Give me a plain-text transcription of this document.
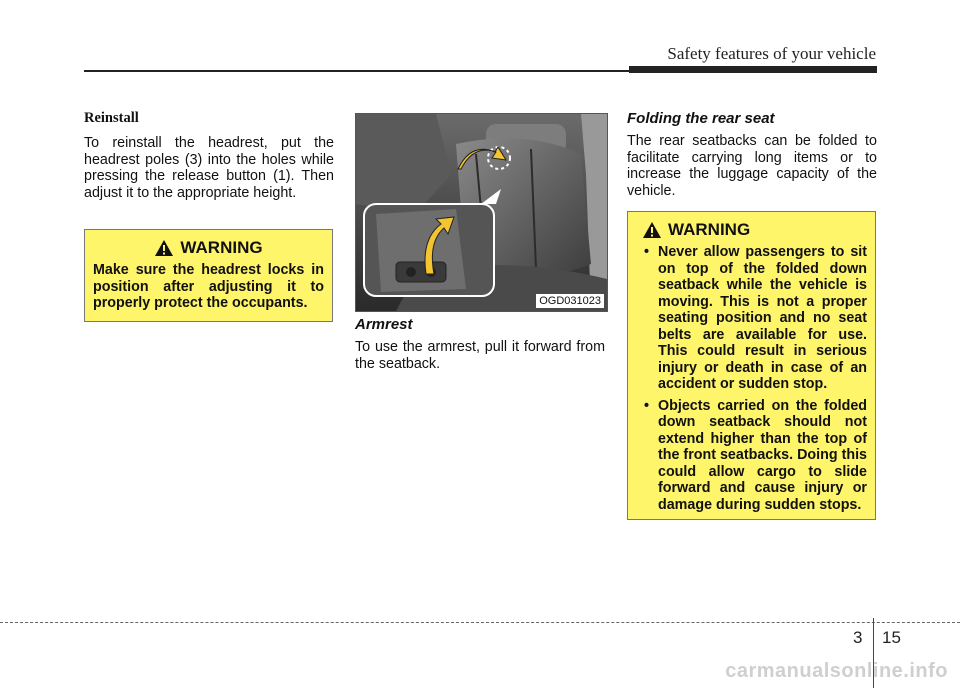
Safety features of your vehicle

Reinstall

To reinstall the headrest, put the headrest poles (3) into the holes while pressing the release button (1). Then adjust it to the appropriate height.

WARNING

Make sure the headrest locks in position after adjusting it to properly protect the occupants.	OGD031023

Armrest

To use the armrest, pull it forward from the seatback.

Folding the rear seat

The rear seatbacks can be folded to facilitate carrying long items or to increase the luggage capacity of the vehicle.

WARNING
• Never allow passengers to sit on top of the folded down seatback while the vehicle is moving. This is not a proper seating position and no seat belts are available for use. This could result in serious injury or death in case of an accident or sudden stop.
• Objects carried on the folded down seatback should not extend higher than the top of the front seatbacks. Doing this could allow cargo to slide forward and cause injury or damage during sudden stops.
3 15
carmanualsonline.info
